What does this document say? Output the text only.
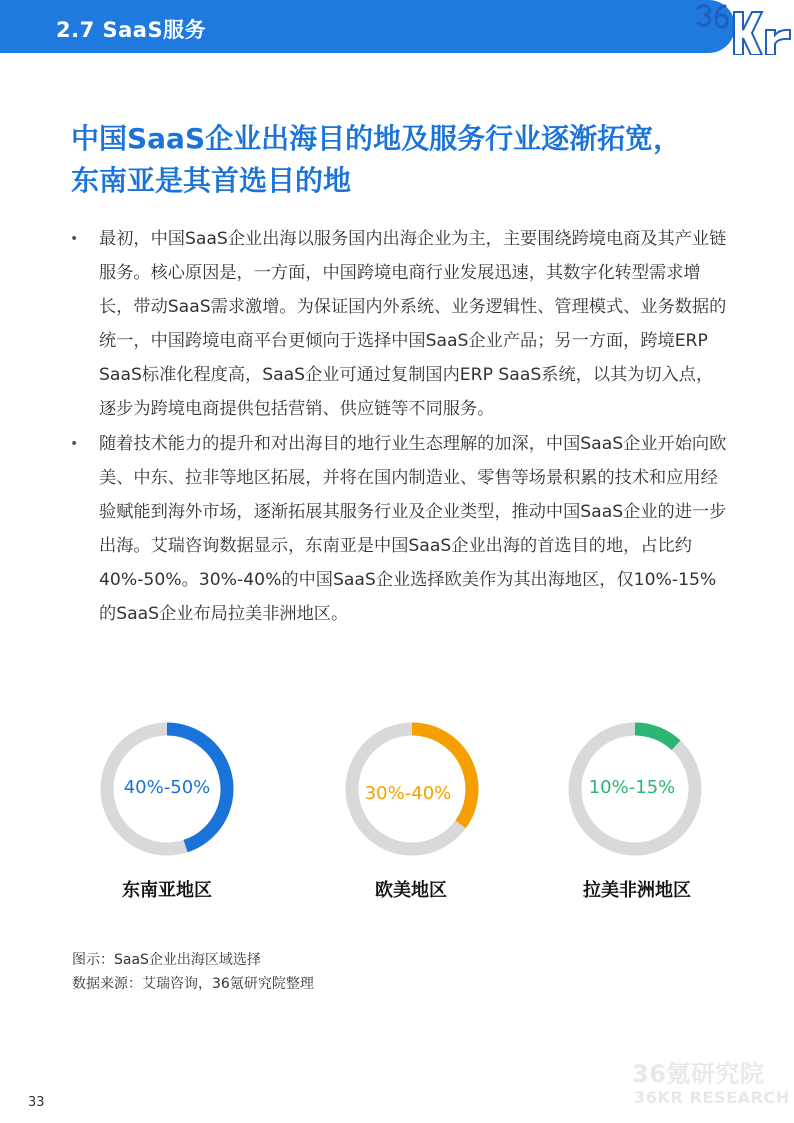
2.7 SaaS服务
中国SaaS企业出海目的地及服务行业逐渐拓宽，
东南亚是其首选目的地
• 最初，中国SaaS企业出海以服务国内出海企业为主，主要围绕跨境电商及其产业链服务。核心原因是，一方面，中国跨境电商行业发展迅速，其数字化转型需求增长，带动SaaS需求激增。为保证国内外系统、业务逻辑性、管理模式、业务数据的统一，中国跨境电商平台更倾向于选择中国SaaS企业产品；另一方面，跨境ERP SaaS标准化程度高，SaaS企业可通过复制国内ERP SaaS系统，以其为切入点，逐步为跨境电商提供包括营销、供应链等不同服务。
• 随着技术能力的提升和对出海目的地行业生态理解的加深，中国SaaS企业开始向欧美、中东、拉非等地区拓展，并将在国内制造业、零售等场景积累的技术和应用经验赋能到海外市场，逐渐拓展其服务行业及企业类型，推动中国SaaS企业的进一步出海。艾瑞咨询数据显示，东南亚是中国SaaS企业出海的首选目的地，占比约40%-50%。30%-40%的中国SaaS企业选择欧美作为其出海地区，仅10%-15%的SaaS企业布局拉美非洲地区。
40%-50%
东南亚地区
30%-40%
欧美地区
10%-15%
拉美非洲地区
图示：SaaS企业出海区域选择
数据来源：艾瑞咨询，36氪研究院整理
36氪研究院
36KR RESEARCH
33
